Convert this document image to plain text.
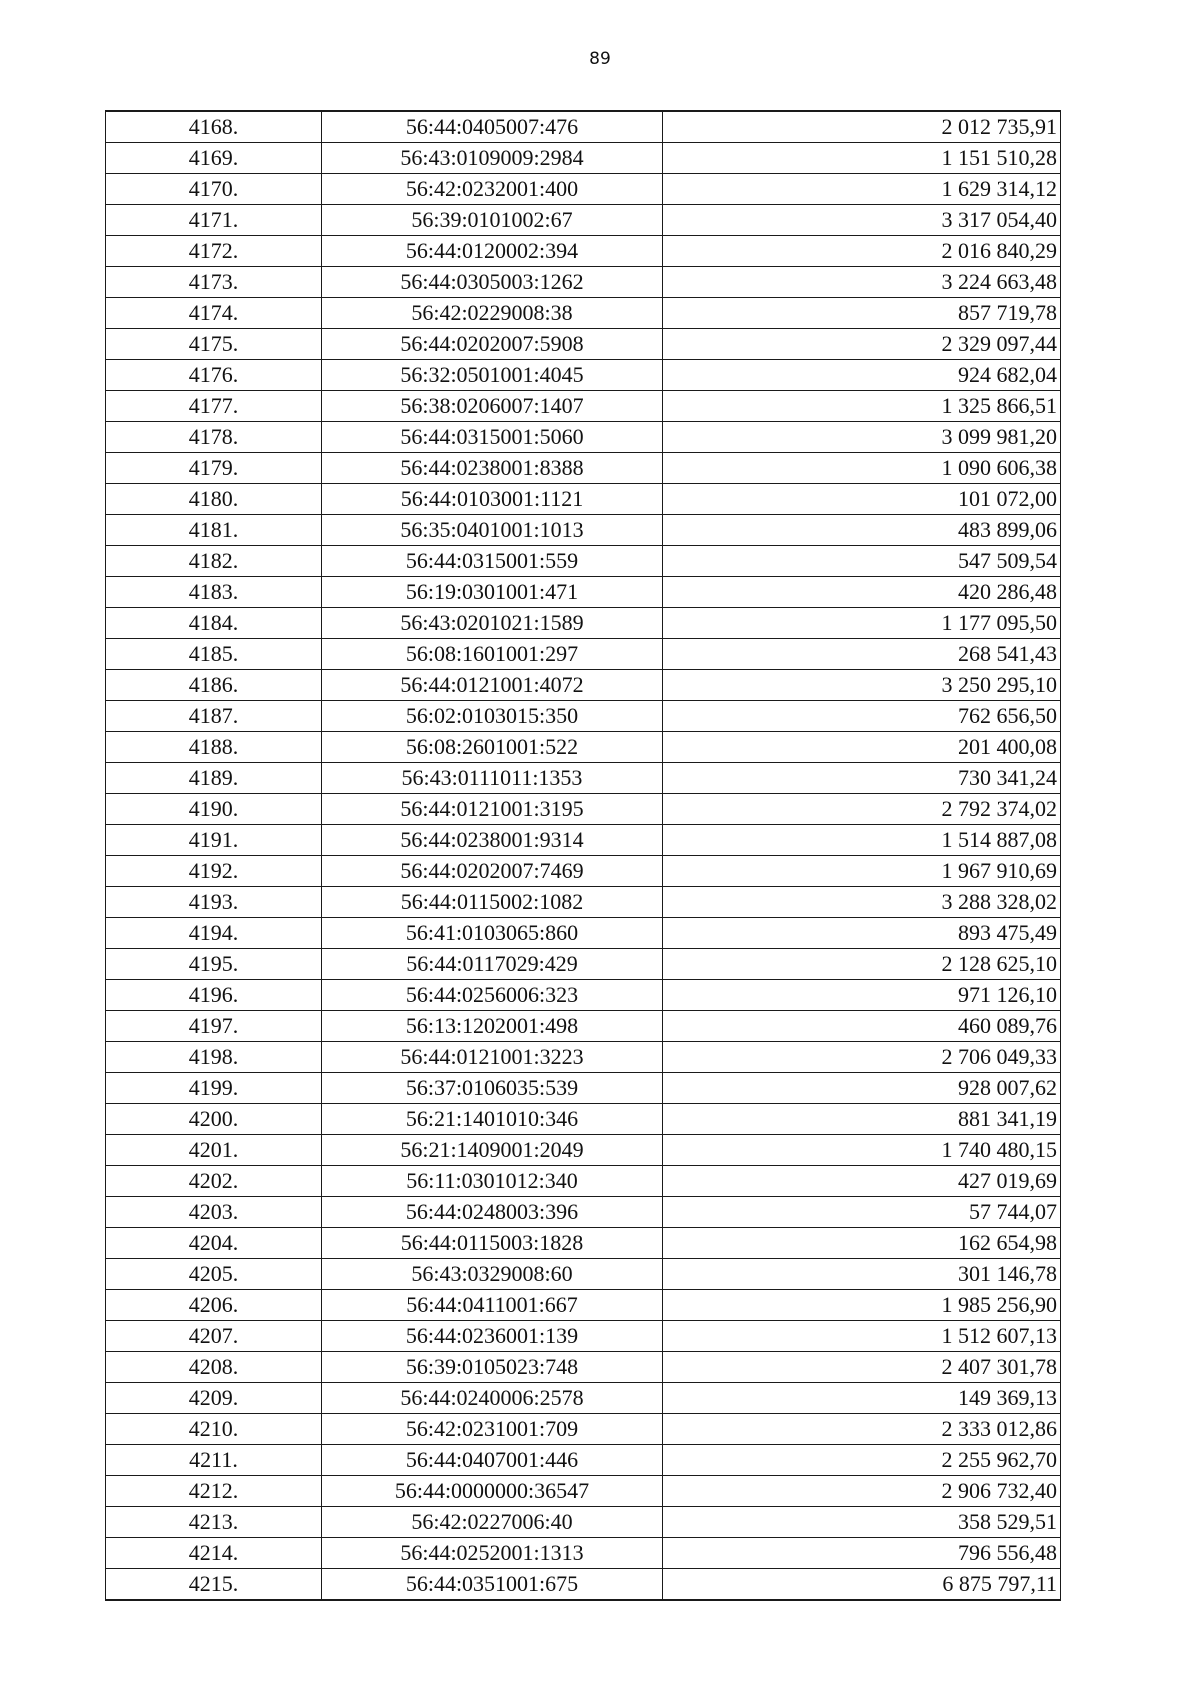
89
4168.	56:44:0405007:476	2 012 735,91
4169.	56:43:0109009:2984	1 151 510,28
4170.	56:42:0232001:400	1 629 314,12
4171.	56:39:0101002:67	3 317 054,40
4172.	56:44:0120002:394	2 016 840,29
4173.	56:44:0305003:1262	3 224 663,48
4174.	56:42:0229008:38	857 719,78
4175.	56:44:0202007:5908	2 329 097,44
4176.	56:32:0501001:4045	924 682,04
4177.	56:38:0206007:1407	1 325 866,51
4178.	56:44:0315001:5060	3 099 981,20
4179.	56:44:0238001:8388	1 090 606,38
4180.	56:44:0103001:1121	101 072,00
4181.	56:35:0401001:1013	483 899,06
4182.	56:44:0315001:559	547 509,54
4183.	56:19:0301001:471	420 286,48
4184.	56:43:0201021:1589	1 177 095,50
4185.	56:08:1601001:297	268 541,43
4186.	56:44:0121001:4072	3 250 295,10
4187.	56:02:0103015:350	762 656,50
4188.	56:08:2601001:522	201 400,08
4189.	56:43:0111011:1353	730 341,24
4190.	56:44:0121001:3195	2 792 374,02
4191.	56:44:0238001:9314	1 514 887,08
4192.	56:44:0202007:7469	1 967 910,69
4193.	56:44:0115002:1082	3 288 328,02
4194.	56:41:0103065:860	893 475,49
4195.	56:44:0117029:429	2 128 625,10
4196.	56:44:0256006:323	971 126,10
4197.	56:13:1202001:498	460 089,76
4198.	56:44:0121001:3223	2 706 049,33
4199.	56:37:0106035:539	928 007,62
4200.	56:21:1401010:346	881 341,19
4201.	56:21:1409001:2049	1 740 480,15
4202.	56:11:0301012:340	427 019,69
4203.	56:44:0248003:396	57 744,07
4204.	56:44:0115003:1828	162 654,98
4205.	56:43:0329008:60	301 146,78
4206.	56:44:0411001:667	1 985 256,90
4207.	56:44:0236001:139	1 512 607,13
4208.	56:39:0105023:748	2 407 301,78
4209.	56:44:0240006:2578	149 369,13
4210.	56:42:0231001:709	2 333 012,86
4211.	56:44:0407001:446	2 255 962,70
4212.	56:44:0000000:36547	2 906 732,40
4213.	56:42:0227006:40	358 529,51
4214.	56:44:0252001:1313	796 556,48
4215.	56:44:0351001:675	6 875 797,11
